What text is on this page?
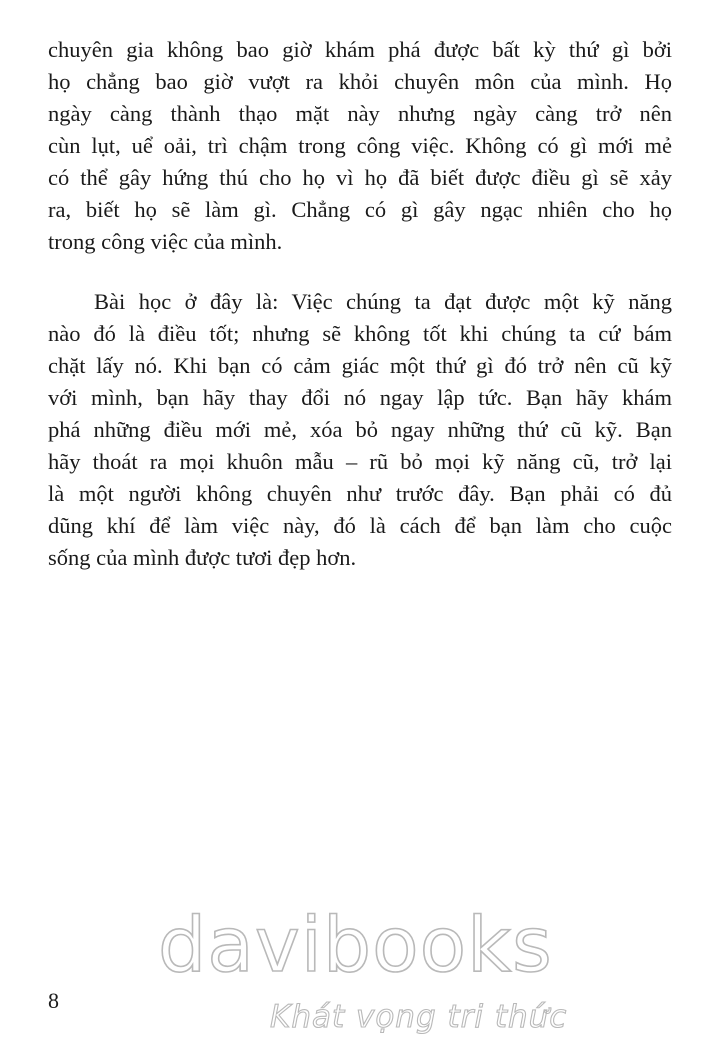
chuyên gia không bao giờ khám phá được bất kỳ thứ gì bởi
họ chẳng bao giờ vượt ra khỏi chuyên môn của mình. Họ
ngày càng thành thạo mặt này nhưng ngày càng trở nên
cùn lụt, uể oải, trì chậm trong công việc. Không có gì mới mẻ
có thể gây hứng thú cho họ vì họ đã biết được điều gì sẽ xảy
ra, biết họ sẽ làm gì. Chẳng có gì gây ngạc nhiên cho họ
trong công việc của mình.
Bài học ở đây là: Việc chúng ta đạt được một kỹ năng
nào đó là điều tốt; nhưng sẽ không tốt khi chúng ta cứ bám
chặt lấy nó. Khi bạn có cảm giác một thứ gì đó trở nên cũ kỹ
với mình, bạn hãy thay đổi nó ngay lập tức. Bạn hãy khám
phá những điều mới mẻ, xóa bỏ ngay những thứ cũ kỹ. Bạn
hãy thoát ra mọi khuôn mẫu – rũ bỏ mọi kỹ năng cũ, trở lại
là một người không chuyên như trước đây. Bạn phải có đủ
dũng khí để làm việc này, đó là cách để bạn làm cho cuộc
sống của mình được tươi đẹp hơn.
davibooks
Khát vọng tri thức
8
